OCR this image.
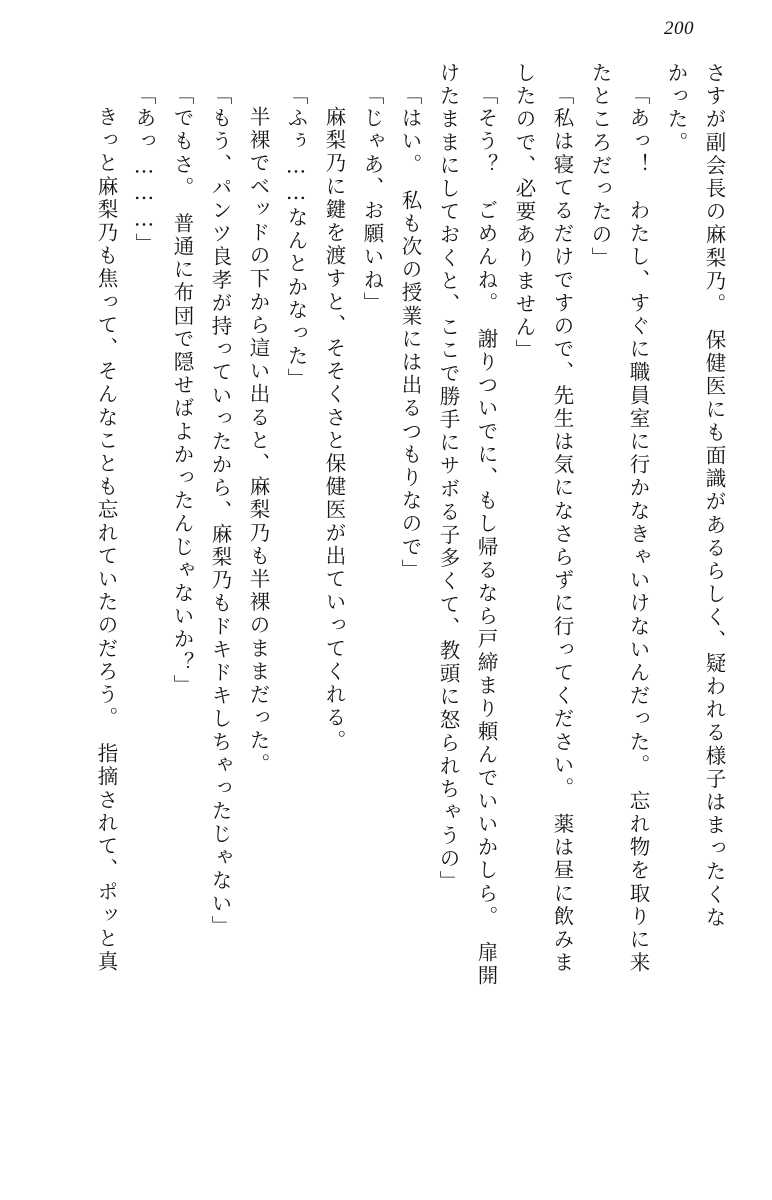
200
さすが副会長の麻梨乃。　保健医にも面識があるらしく、疑われる様子はまったくな
かった。
「あっ！　わたし、すぐに職員室に行かなきゃいけないんだった。　忘れ物を取りに来
たところだったの」
「私は寝てるだけですので、先生は気になさらずに行ってください。　薬は昼に飲みま
したので、必要ありません」
「そう？　ごめんね。　謝りついでに、もし帰るなら戸締まり頼んでいいかしら。　扉開
けたままにしておくと、ここで勝手にサボる子多くて、教頭に怒られちゃうの」
「はい。　私も次の授業には出るつもりなので」
「じゃあ、お願いね」
麻梨乃に鍵を渡すと、そそくさと保健医が出ていってくれる。
「ふぅ……なんとかなった」
半裸でベッドの下から這い出ると、麻梨乃も半裸のままだった。
「もう、パンツ良孝が持っていったから、麻梨乃もドキドキしちゃったじゃない」
「でもさ。　普通に布団で隠せばよかったんじゃないか？」
「あっ………」
きっと麻梨乃も焦って、そんなことも忘れていたのだろう。　指摘されて、ポッと真
